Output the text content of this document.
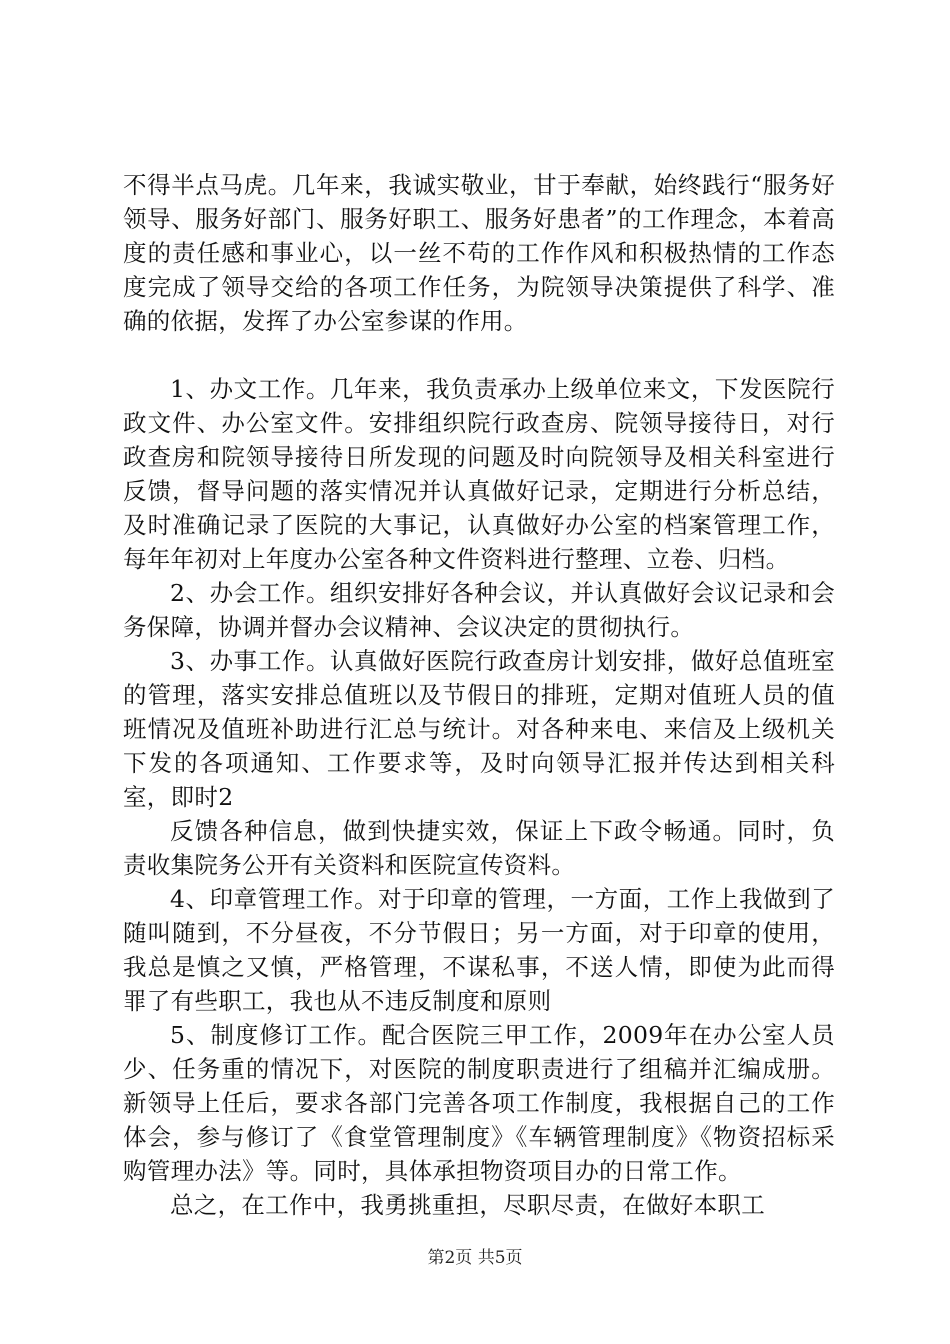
不得半点马虎。几年来，我诚实敬业，甘于奉献，始终践行“服务好领导、服务好部门、服务好职工、服务好患者”的工作理念，本着高度的责任感和事业心，以一丝不苟的工作作风和积极热情的工作态度完成了领导交给的各项工作任务，为院领导决策提供了科学、准确的依据，发挥了办公室参谋的作用。

1、办文工作。几年来，我负责承办上级单位来文，下发医院行政文件、办公室文件。安排组织院行政查房、院领导接待日，对行政查房和院领导接待日所发现的问题及时向院领导及相关科室进行反馈，督导问题的落实情况并认真做好记录，定期进行分析总结，及时准确记录了医院的大事记，认真做好办公室的档案管理工作，每年年初对上年度办公室各种文件资料进行整理、立卷、归档。

2、办会工作。组织安排好各种会议，并认真做好会议记录和会务保障，协调并督办会议精神、会议决定的贯彻执行。

3、办事工作。认真做好医院行政查房计划安排，做好总值班室的管理，落实安排总值班以及节假日的排班，定期对值班人员的值班情况及值班补助进行汇总与统计。对各种来电、来信及上级机关下发的各项通知、工作要求等，及时向领导汇报并传达到相关科室，即时2

反馈各种信息，做到快捷实效，保证上下政令畅通。同时，负责收集院务公开有关资料和医院宣传资料。

4、印章管理工作。对于印章的管理，一方面，工作上我做到了随叫随到，不分昼夜，不分节假日；另一方面，对于印章的使用，我总是慎之又慎，严格管理，不谋私事，不送人情，即使为此而得罪了有些职工，我也从不违反制度和原则

5、制度修订工作。配合医院三甲工作，2009年在办公室人员少、任务重的情况下，对医院的制度职责进行了组稿并汇编成册。新领导上任后，要求各部门完善各项工作制度，我根据自己的工作体会，参与修订了《食堂管理制度》《车辆管理制度》《物资招标采购管理办法》等。同时，具体承担物资项目办的日常工作。

总之，在工作中，我勇挑重担，尽职尽责，在做好本职工

第2页 共5页
